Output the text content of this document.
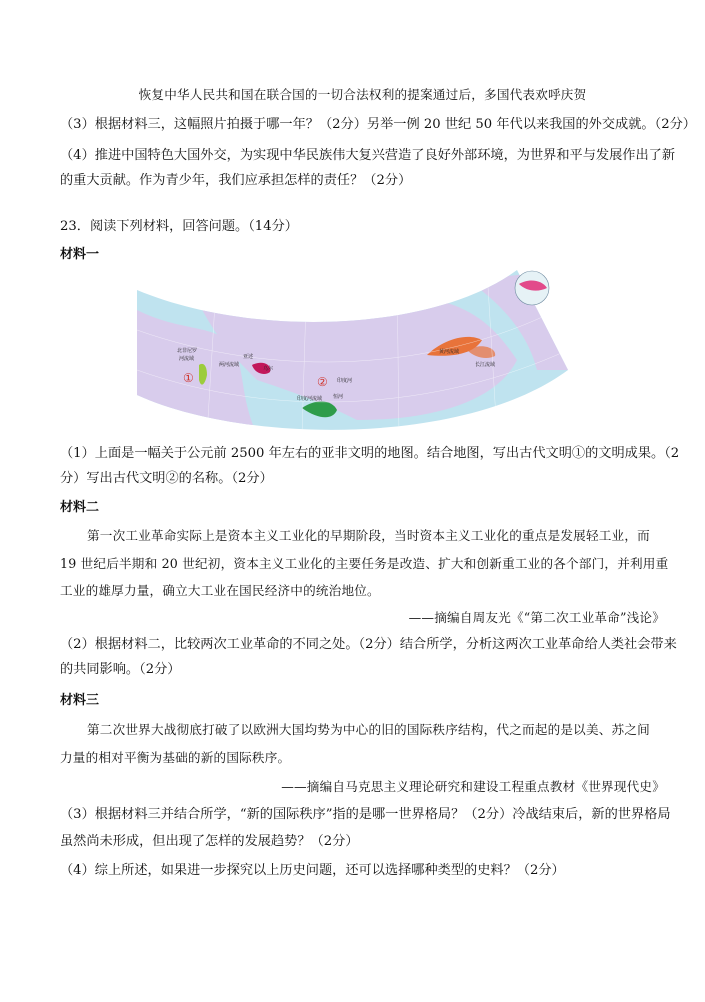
恢复中华人民共和国在联合国的一切合法权利的提案通过后，多国代表欢呼庆贺
（3）根据材料三，这幅照片拍摄于哪一年？（2分）另举一例 20 世纪 50 年代以来我国的外交成就。（2分）
（4）推进中国特色大国外交，为实现中华民族伟大复兴营造了良好外部环境，为世界和平与发展作出了新
的重大贡献。作为青少年，我们应承担怎样的责任？（2分）
23．阅读下列材料，回答问题。（14分）
材料一
①	②
北非尼罗
河流域
两河流域
印度河流域
印度河
黄河流域
长江流域
乌尔
亚述
恒河
（1）上面是一幅关于公元前 2500 年左右的亚非文明的地图。结合地图，写出古代文明①的文明成果。（2
分）写出古代文明②的名称。（2分）
材料二
第一次工业革命实际上是资本主义工业化的早期阶段，当时资本主义工业化的重点是发展轻工业，而
19 世纪后半期和 20 世纪初，资本主义工业化的主要任务是改造、扩大和创新重工业的各个部门，并利用重
工业的雄厚力量，确立大工业在国民经济中的统治地位。
——摘编自周友光《“第二次工业革命”浅论》
（2）根据材料二，比较两次工业革命的不同之处。（2分）结合所学，分析这两次工业革命给人类社会带来
的共同影响。（2分）
材料三
第二次世界大战彻底打破了以欧洲大国均势为中心的旧的国际秩序结构，代之而起的是以美、苏之间
力量的相对平衡为基础的新的国际秩序。
——摘编自马克思主义理论研究和建设工程重点教材《世界现代史》
（3）根据材料三并结合所学，“新的国际秩序”指的是哪一世界格局？（2分）冷战结束后，新的世界格局
虽然尚未形成，但出现了怎样的发展趋势？（2分）
（4）综上所述，如果进一步探究以上历史问题，还可以选择哪种类型的史料？（2分）
